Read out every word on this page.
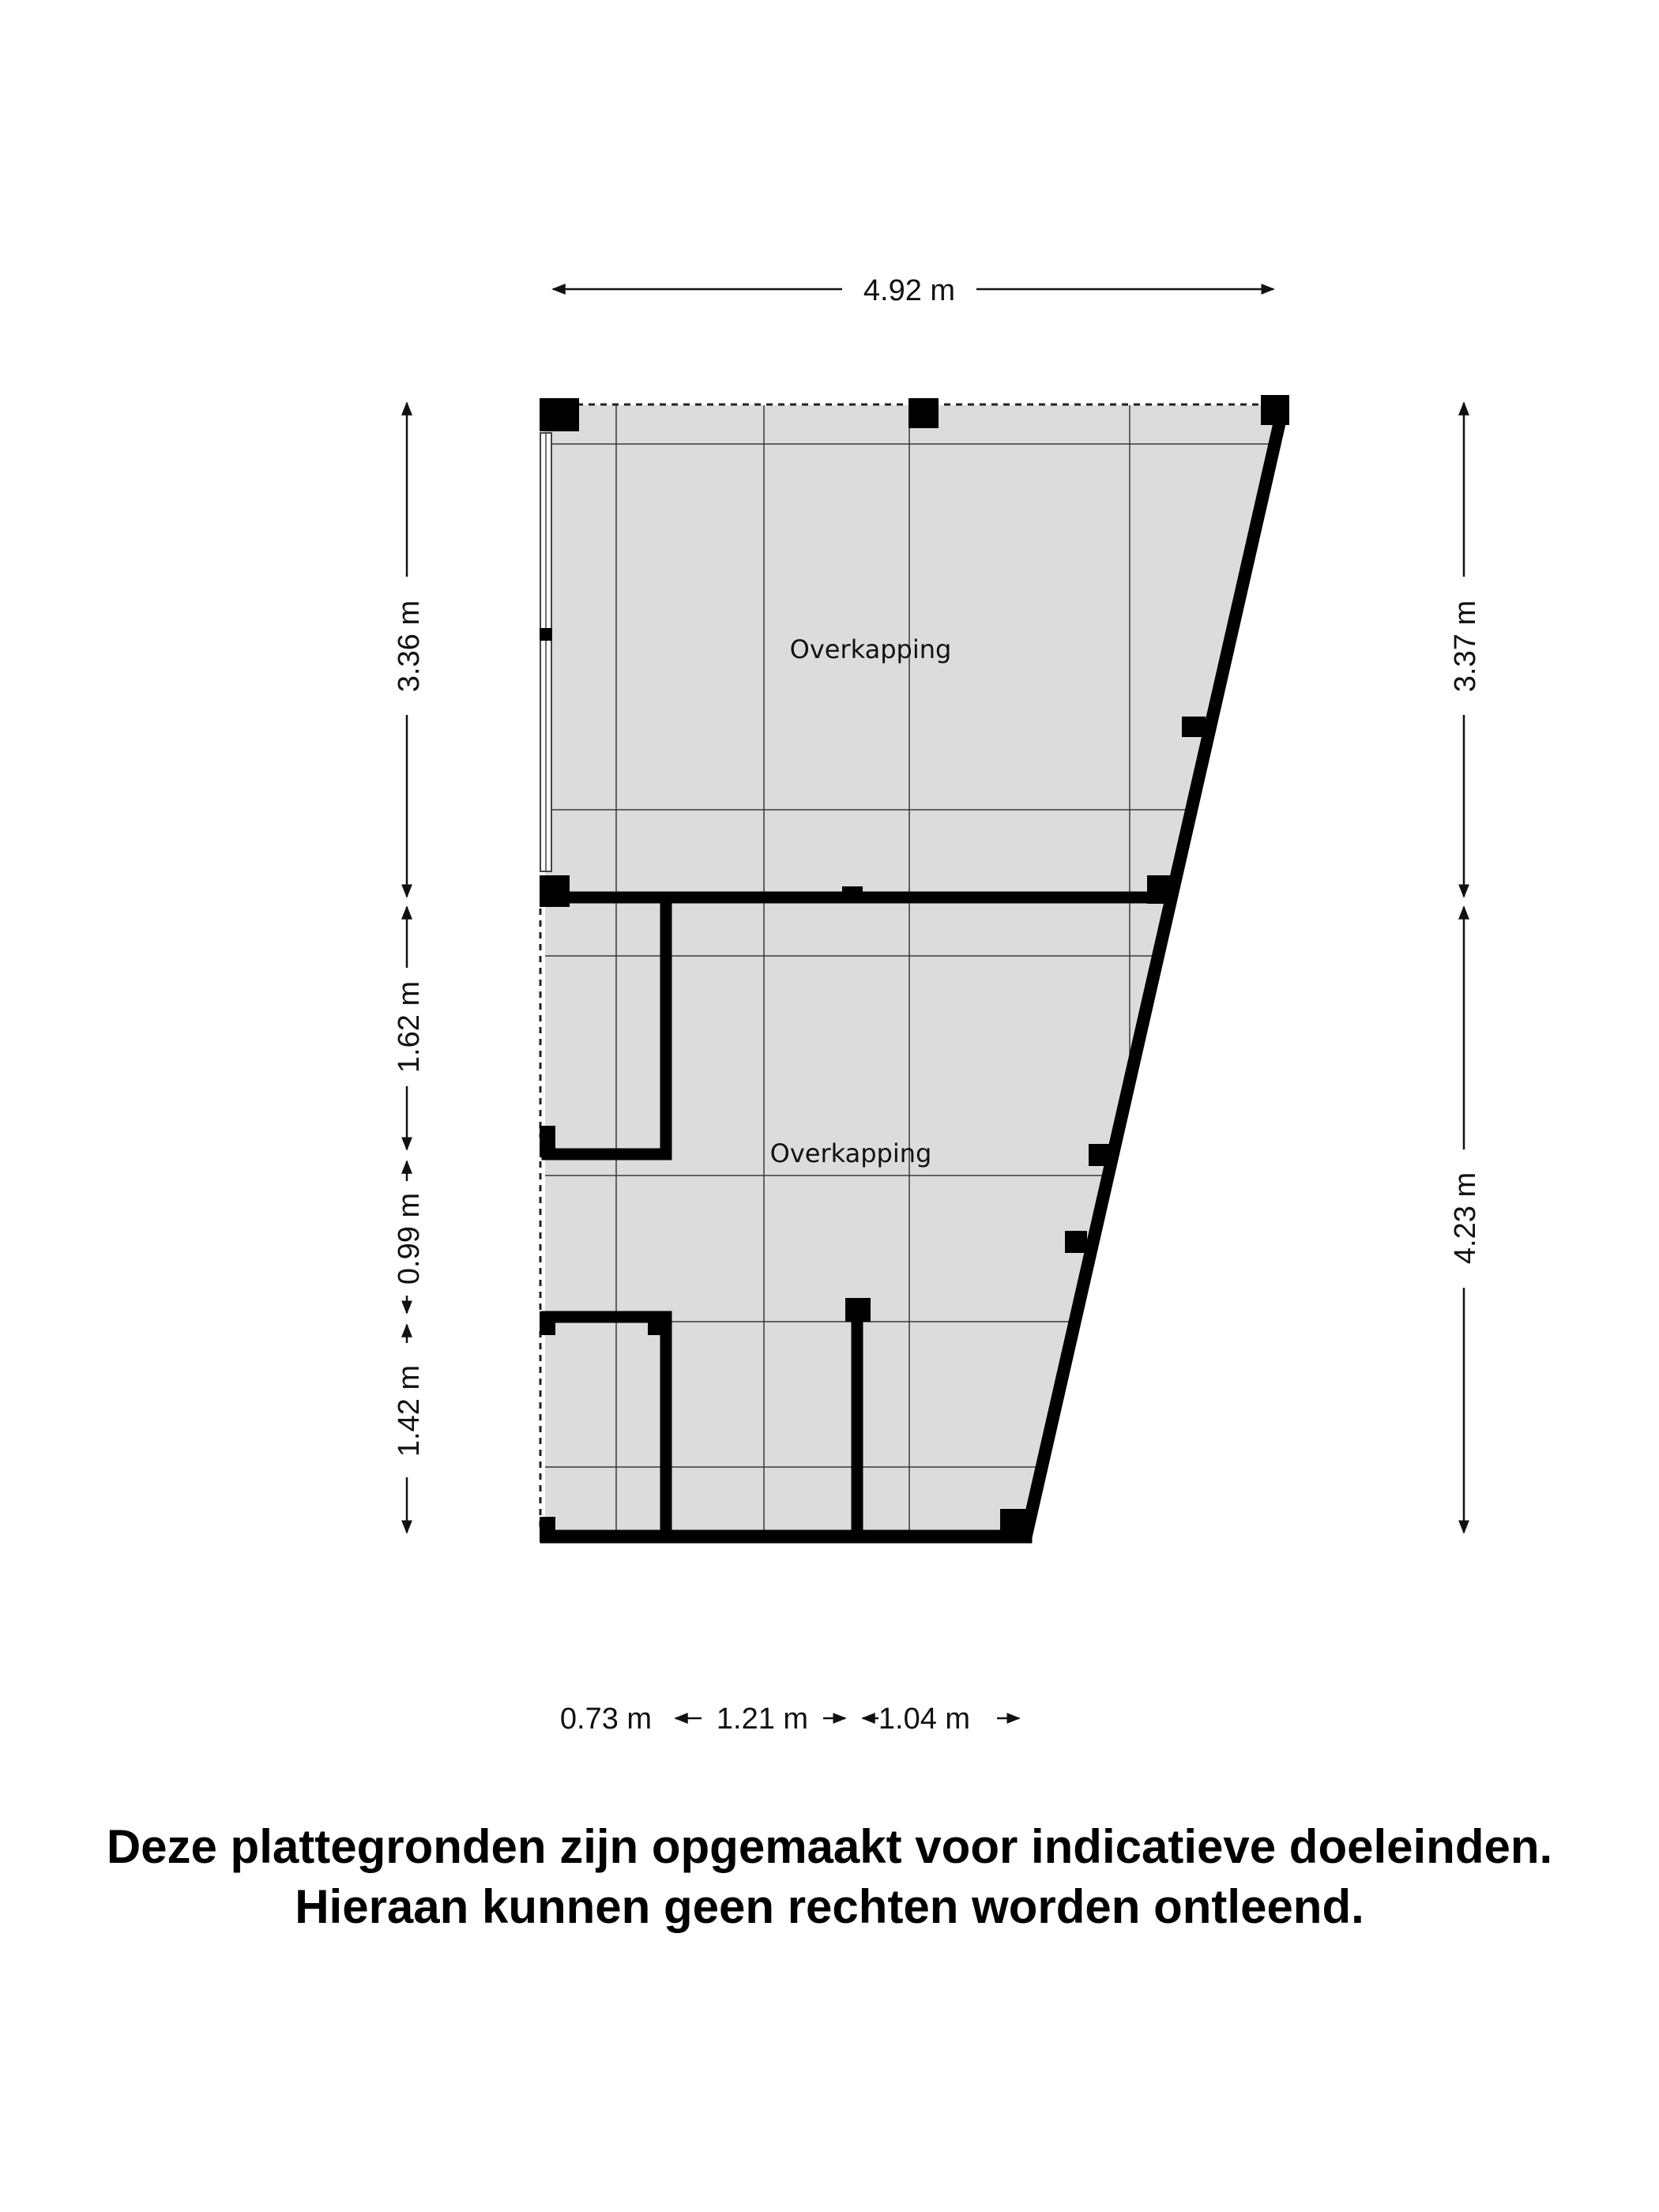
Overkapping
Overkapping
4.92 m
3.36 m
1.62 m
0.99 m
1.42 m
3.37 m
4.23 m
0.73 m 1.21 m 1.04 m
Deze plattegronden zijn opgemaakt voor indicatieve doeleinden.
Hieraan kunnen geen rechten worden ontleend.
